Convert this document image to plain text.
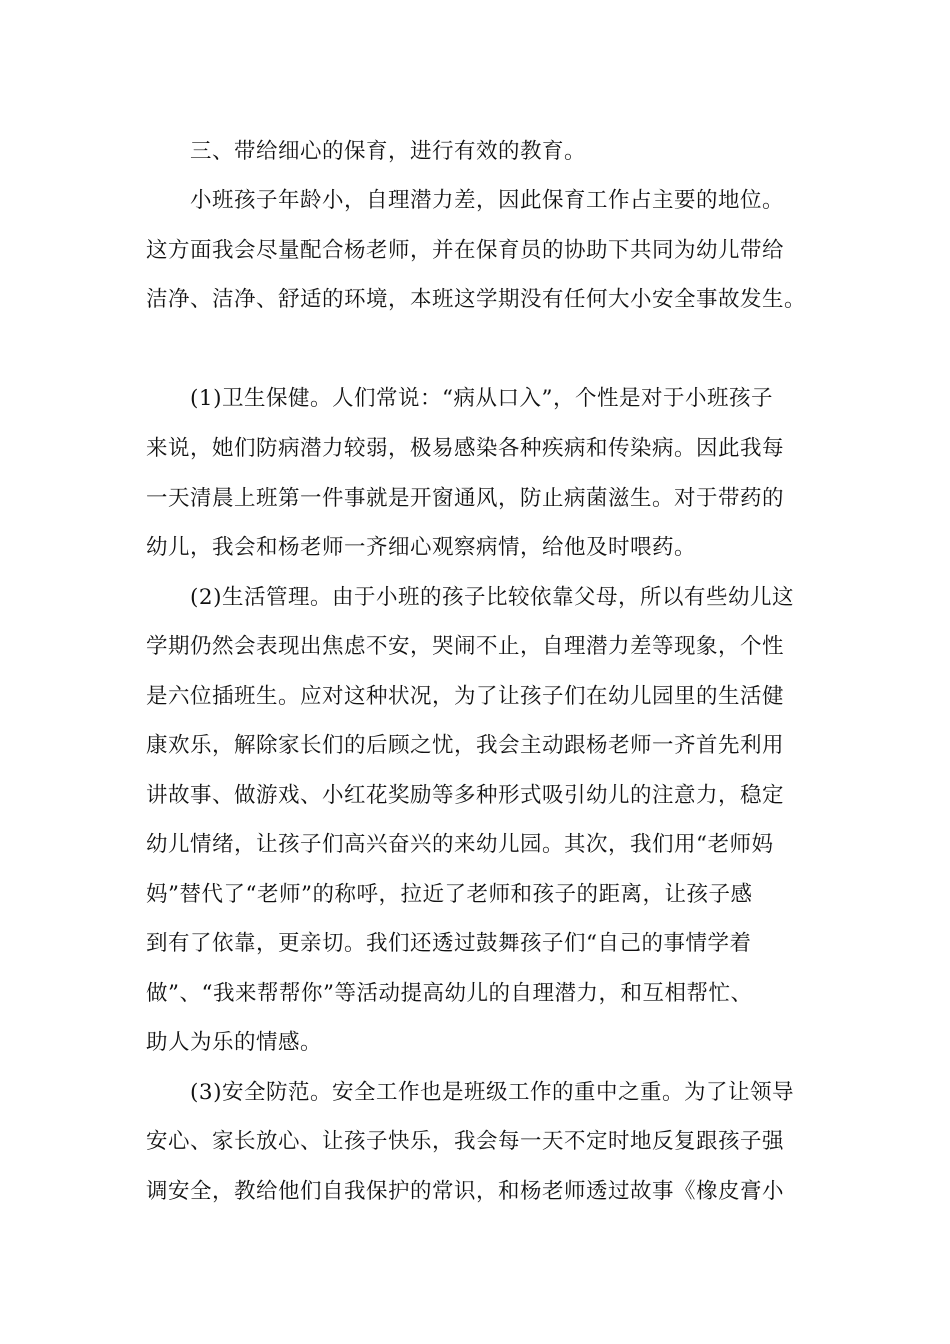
三、带给细心的保育，进行有效的教育。
小班孩子年龄小，自理潜力差，因此保育工作占主要的地位。
这方面我会尽量配合杨老师，并在保育员的协助下共同为幼儿带给
洁净、洁净、舒适的环境，本班这学期没有任何大小安全事故发生。
(1)卫生保健。人们常说：“病从口入”，个性是对于小班孩子
来说，她们防病潜力较弱，极易感染各种疾病和传染病。因此我每
一天清晨上班第一件事就是开窗通风，防止病菌滋生。对于带药的
幼儿，我会和杨老师一齐细心观察病情，给他及时喂药。
(2)生活管理。由于小班的孩子比较依靠父母，所以有些幼儿这
学期仍然会表现出焦虑不安，哭闹不止，自理潜力差等现象，个性
是六位插班生。应对这种状况，为了让孩子们在幼儿园里的生活健
康欢乐，解除家长们的后顾之忧，我会主动跟杨老师一齐首先利用
讲故事、做游戏、小红花奖励等多种形式吸引幼儿的注意力，稳定
幼儿情绪，让孩子们高兴奋兴的来幼儿园。其次，我们用“老师妈
妈”替代了“老师”的称呼，拉近了老师和孩子的距离，让孩子感
到有了依靠，更亲切。我们还透过鼓舞孩子们“自己的事情学着
做”、“我来帮帮你”等活动提高幼儿的自理潜力，和互相帮忙、
助人为乐的情感。
(3)安全防范。安全工作也是班级工作的重中之重。为了让领导
安心、家长放心、让孩子快乐，我会每一天不定时地反复跟孩子强
调安全，教给他们自我保护的常识，和杨老师透过故事《橡皮膏小
